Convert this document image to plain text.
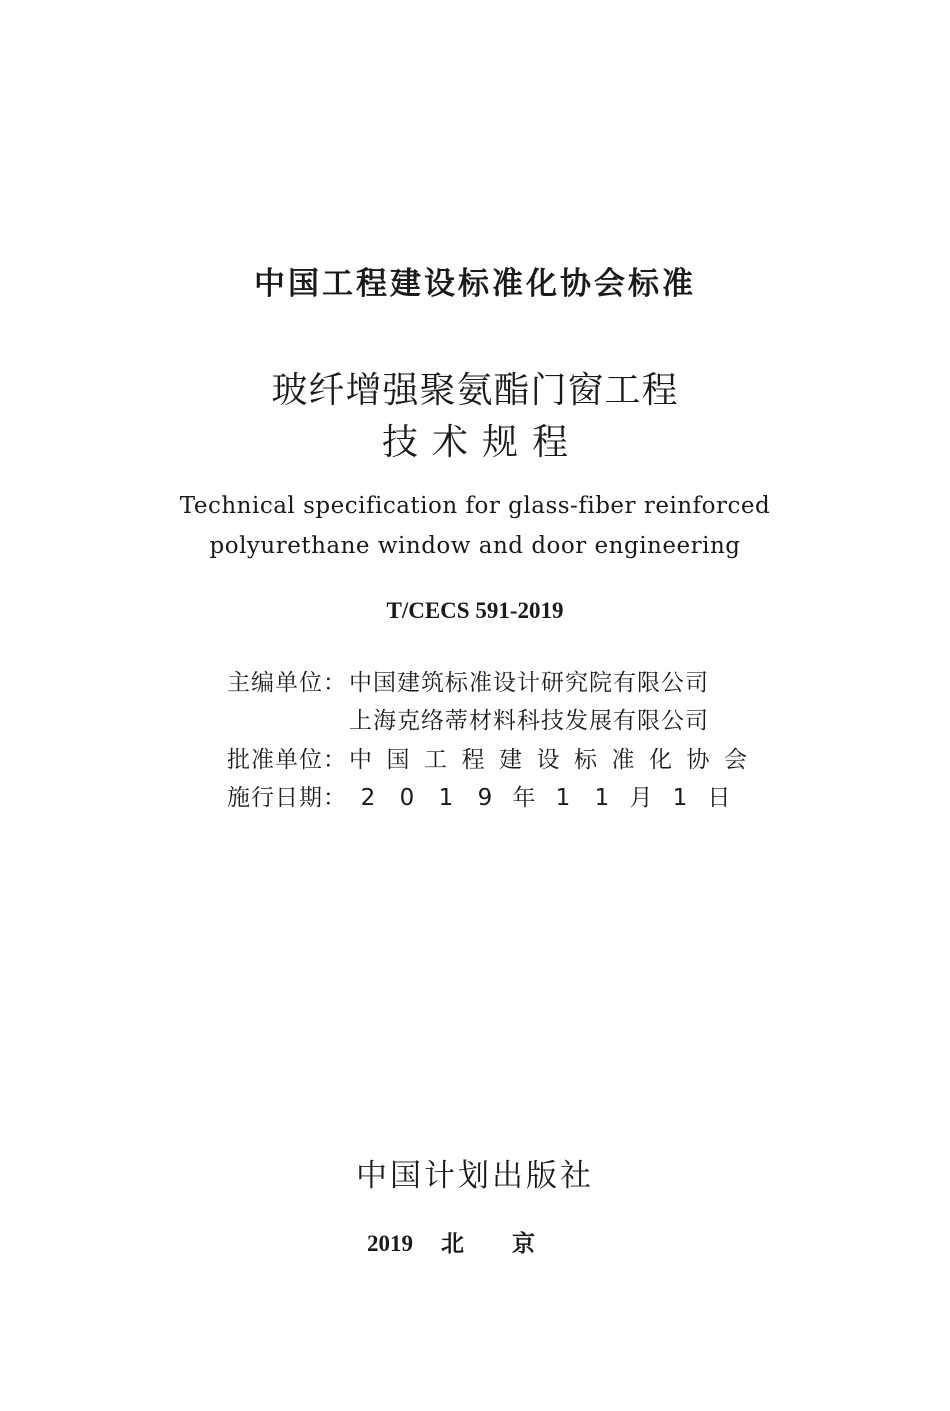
中国工程建设标准化协会标准
玻纤增强聚氨酯门窗工程
技术规程
Technical specification for glass-fiber reinforced
polyurethane window and door engineering
T/CECS 591-2019
主编单位：中国建筑标准设计研究院有限公司
上海克络蒂材料科技发展有限公司
批准单位：中国工程建设标准化协会
施行日期： 2 0 1 9 年 1 1 月 1 日
中国计划出版社
2019 北京
